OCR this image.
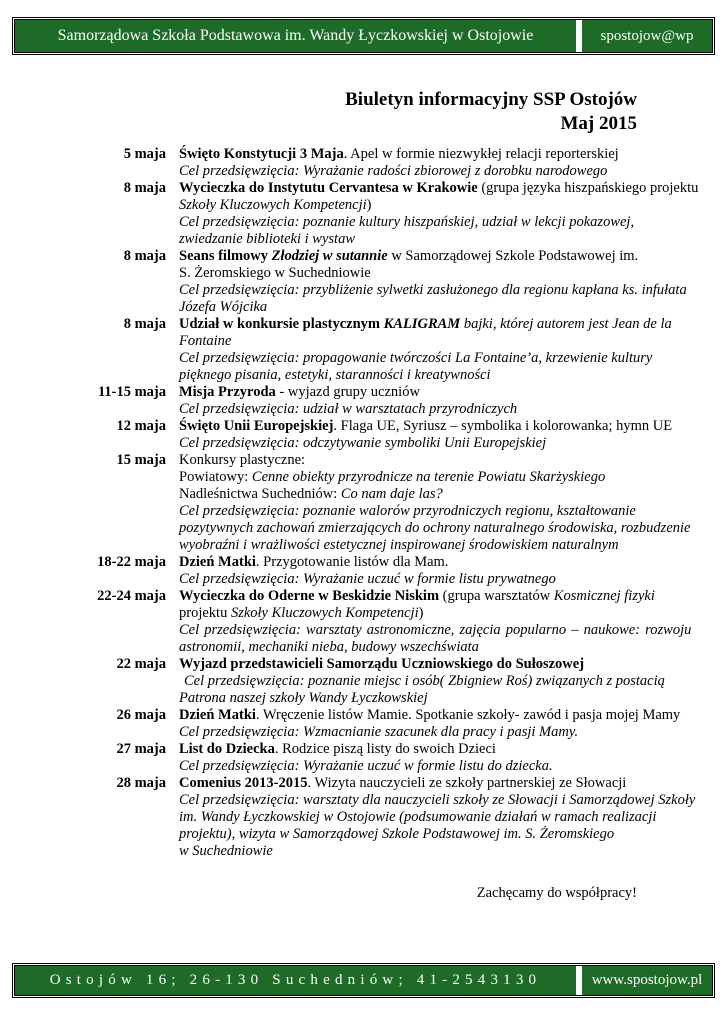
Samorządowa Szkoła Podstawowa im. Wandy Łyczkowskiej w Ostojowie	spostojow@wp
Biuletyn informacyjny SSP Ostojów
Maj 2015
5 maja Święto Konstytucji 3 Maja. Apel w formie niezwykłej relacji reporterskiej
Cel przedsięwzięcia: Wyrażanie radości zbiorowej z dorobku narodowego
8 maja Wycieczka do Instytutu Cervantesa w Krakowie (grupa języka hiszpańskiego projektu
Szkoły Kluczowych Kompetencji)
Cel przedsięwzięcia: poznanie kultury hiszpańskiej, udział w lekcji pokazowej,
zwiedzanie biblioteki i wystaw
8 maja Seans filmowy Złodziej w sutannie w Samorządowej Szkole Podstawowej im.
S. Żeromskiego w Suchedniowie
Cel przedsięwzięcia: przybliżenie sylwetki zasłużonego dla regionu kapłana ks. infułata
Józefa Wójcika
8 maja Udział w konkursie plastycznym KALIGRAM bajki, której autorem jest Jean de la
Fontaine
Cel przedsięwzięcia: propagowanie twórczości La Fontaine’a, krzewienie kultury
pięknego pisania, estetyki, staranności i kreatywności
11-15 maja Misja Przyroda - wyjazd grupy uczniów
Cel przedsięwzięcia: udział w warsztatach przyrodniczych
12 maja Święto Unii Europejskiej. Flaga UE, Syriusz – symbolika i kolorowanka; hymn UE
Cel przedsięwzięcia: odczytywanie symboliki Unii Europejskiej
15 maja Konkursy plastyczne:
Powiatowy: Cenne obiekty przyrodnicze na terenie Powiatu Skarżyskiego
Nadleśnictwa Suchedniów: Co nam daje las?
Cel przedsięwzięcia: poznanie walorów przyrodniczych regionu, kształtowanie
pozytywnych zachowań zmierzających do ochrony naturalnego środowiska, rozbudzenie
wyobraźni i wrażliwości estetycznej inspirowanej środowiskiem naturalnym
18-22 maja Dzień Matki. Przygotowanie listów dla Mam.
Cel przedsięwzięcia: Wyrażanie uczuć w formie listu prywatnego
22-24 maja Wycieczka do Oderne w Beskidzie Niskim (grupa warsztatów Kosmicznej fizyki
projektu Szkoły Kluczowych Kompetencji)
Cel przedsięwzięcia: warsztaty astronomiczne, zajęcia popularno – naukowe: rozwoju
astronomii, mechaniki nieba, budowy wszechświata
22 maja Wyjazd przedstawicieli Samorządu Uczniowskiego do Sułoszowej
Cel przedsięwzięcia: poznanie miejsc i osób( Zbigniew Roś) związanych z postacią
Patrona naszej szkoły Wandy Łyczkowskiej
26 maja Dzień Matki. Wręczenie listów Mamie. Spotkanie szkoły- zawód i pasja mojej Mamy
Cel przedsięwzięcia: Wzmacnianie szacunek dla pracy i pasji Mamy.
27 maja List do Dziecka. Rodzice piszą listy do swoich Dzieci
Cel przedsięwzięcia: Wyrażanie uczuć w formie listu do dziecka.
28 maja Comenius 2013-2015. Wizyta nauczycieli ze szkoły partnerskiej ze Słowacji
Cel przedsięwzięcia: warsztaty dla nauczycieli szkoły ze Słowacji i Samorządowej Szkoły
im. Wandy Łyczkowskiej w Ostojowie (podsumowanie działań w ramach realizacji
projektu), wizyta w Samorządowej Szkole Podstawowej im. S. Żeromskiego
w Suchedniowie
Zachęcamy do współpracy!
Ostojów 16; 26-130 Suchedniów; 41-2543130	www.spostojow.pl
